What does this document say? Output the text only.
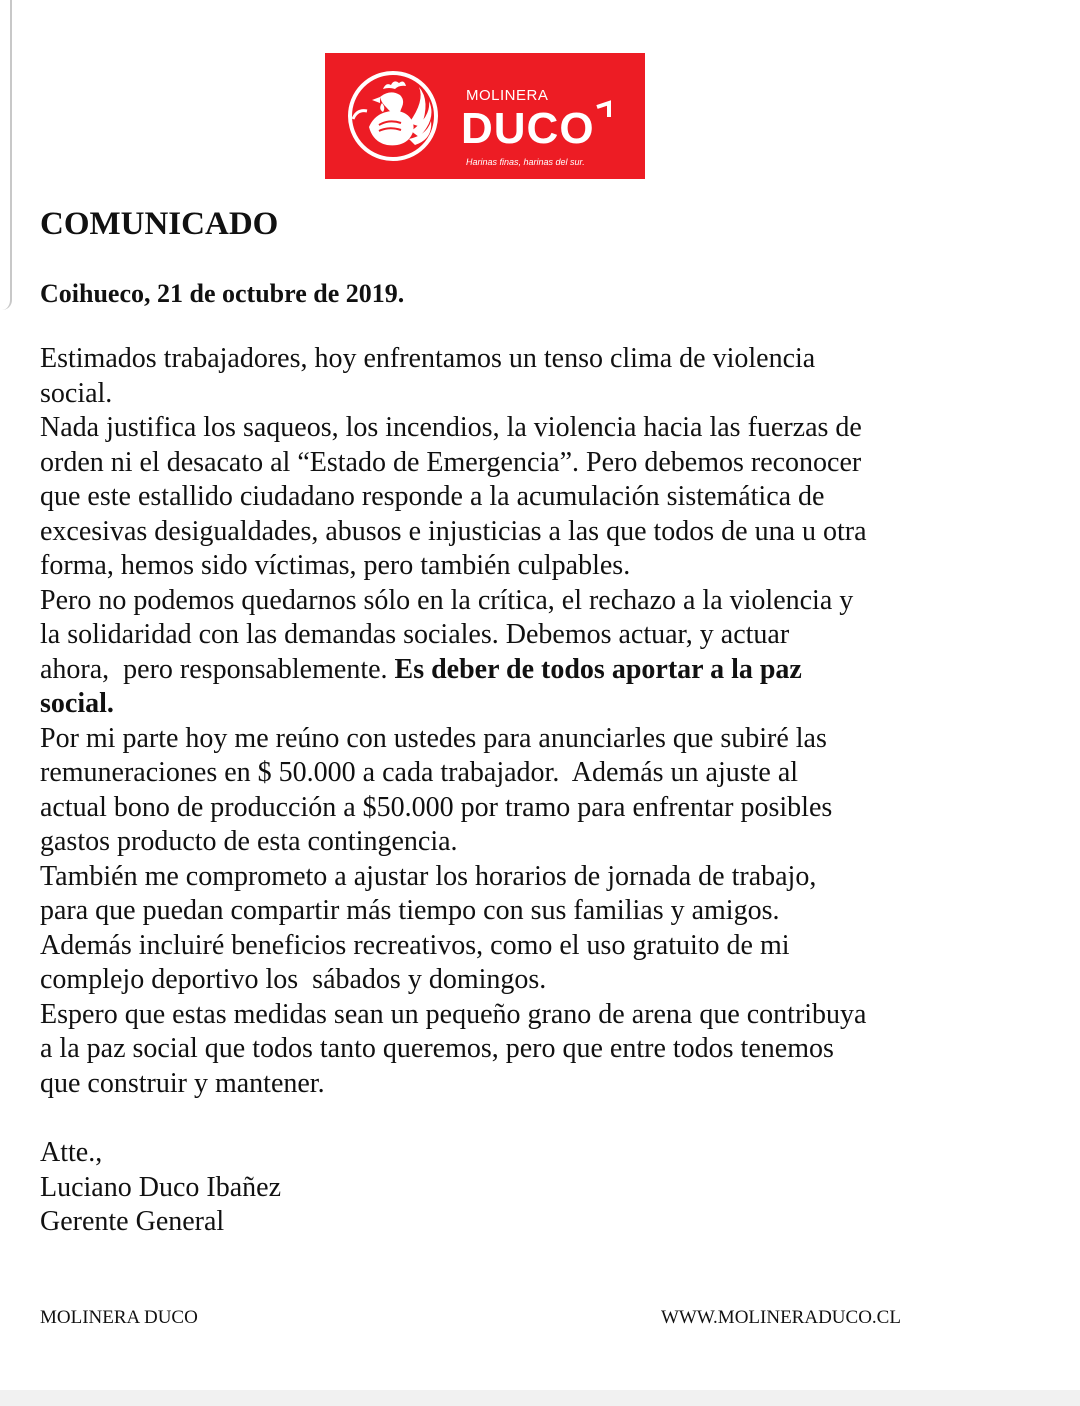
MOLINERA
DUCO
Harinas finas, harinas del sur.
COMUNICADO

Coihueco, 21 de octubre de 2019.

Estimados trabajadores, hoy enfrentamos un tenso clima de violencia
social.
Nada justifica los saqueos, los incendios, la violencia hacia las fuerzas de
orden ni el desacato al “Estado de Emergencia”. Pero debemos reconocer
que este estallido ciudadano responde a la acumulación sistemática de
excesivas desigualdades, abusos e injusticias a las que todos de una u otra
forma, hemos sido víctimas, pero también culpables.
Pero no podemos quedarnos sólo en la crítica, el rechazo a la violencia y
la solidaridad con las demandas sociales. Debemos actuar, y actuar
ahora,  pero responsablemente. Es deber de todos aportar a la paz
social.
Por mi parte hoy me reúno con ustedes para anunciarles que subiré las
remuneraciones en $ 50.000 a cada trabajador.  Además un ajuste al
actual bono de producción a $50.000 por tramo para enfrentar posibles
gastos producto de esta contingencia.
También me comprometo a ajustar los horarios de jornada de trabajo,
para que puedan compartir más tiempo con sus familias y amigos.
Además incluiré beneficios recreativos, como el uso gratuito de mi
complejo deportivo los  sábados y domingos.
Espero que estas medidas sean un pequeño grano de arena que contribuya
a la paz social que todos tanto queremos, pero que entre todos tenemos
que construir y mantener.
Atte.,
Luciano Duco Ibañez
Gerente General
MOLINERA DUCO	WWW.MOLINERADUCO.CL
